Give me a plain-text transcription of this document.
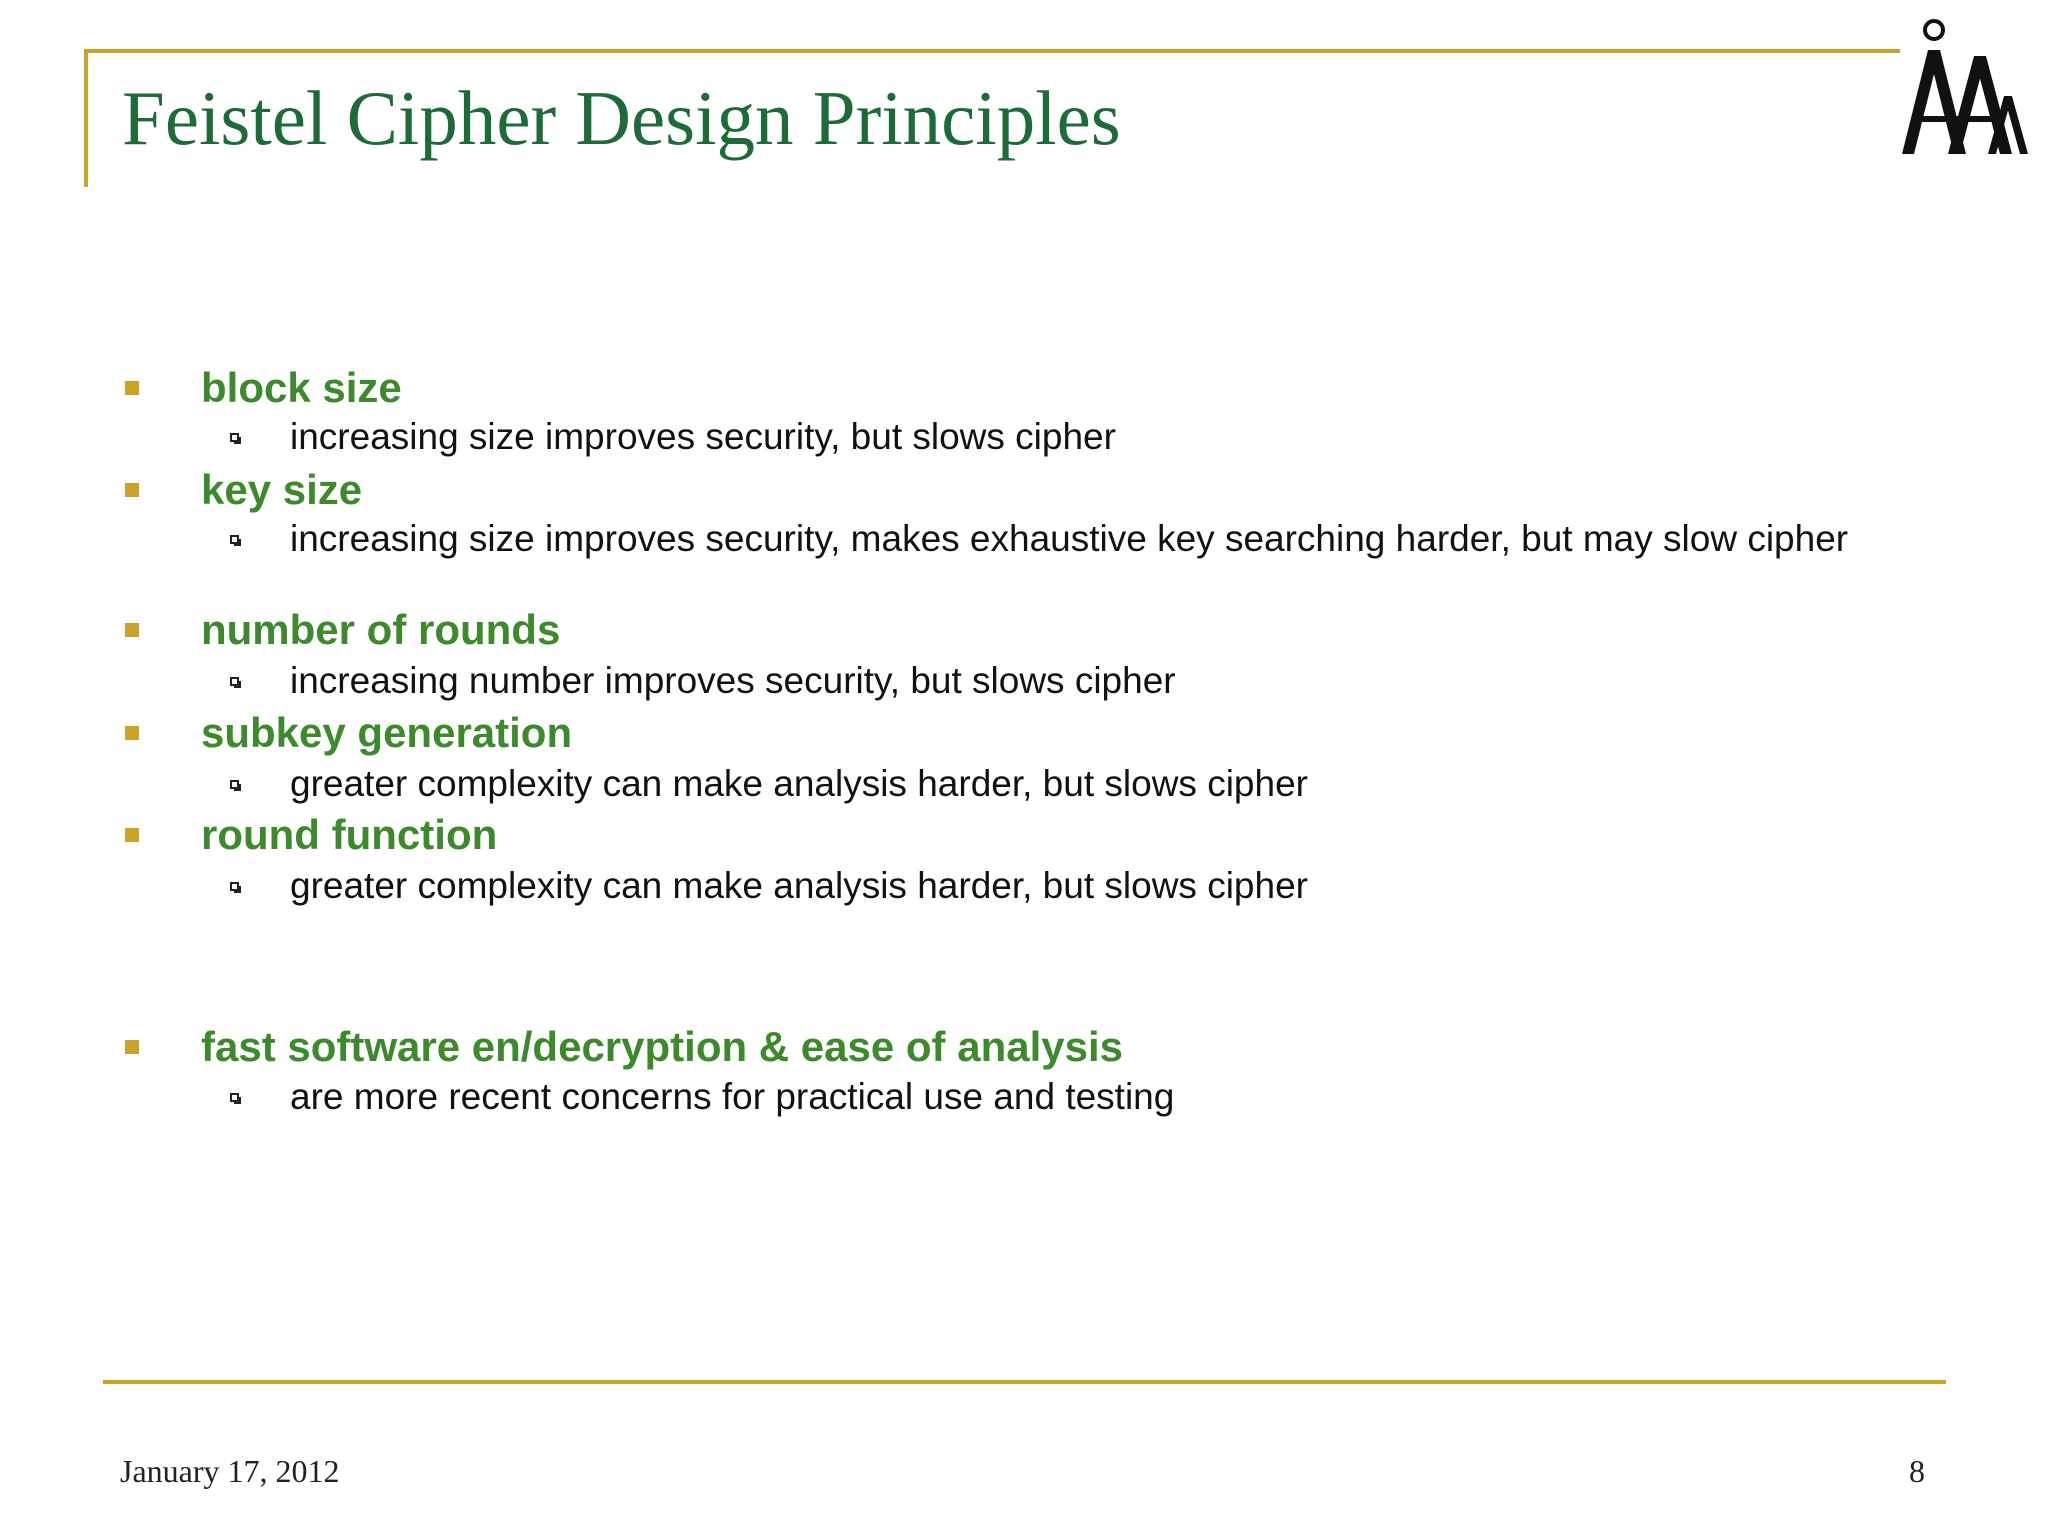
Feistel Cipher Design Principles
block size
increasing size improves security, but slows cipher
key size
increasing size improves security, makes exhaustive key searching harder, but may slow cipher
number of rounds
increasing number improves security, but slows cipher
subkey generation
greater complexity can make analysis harder, but slows cipher
round function
greater complexity can make analysis harder, but slows cipher
fast software en/decryption & ease of analysis
are more recent concerns for practical use and testing
January 17, 2012	8
